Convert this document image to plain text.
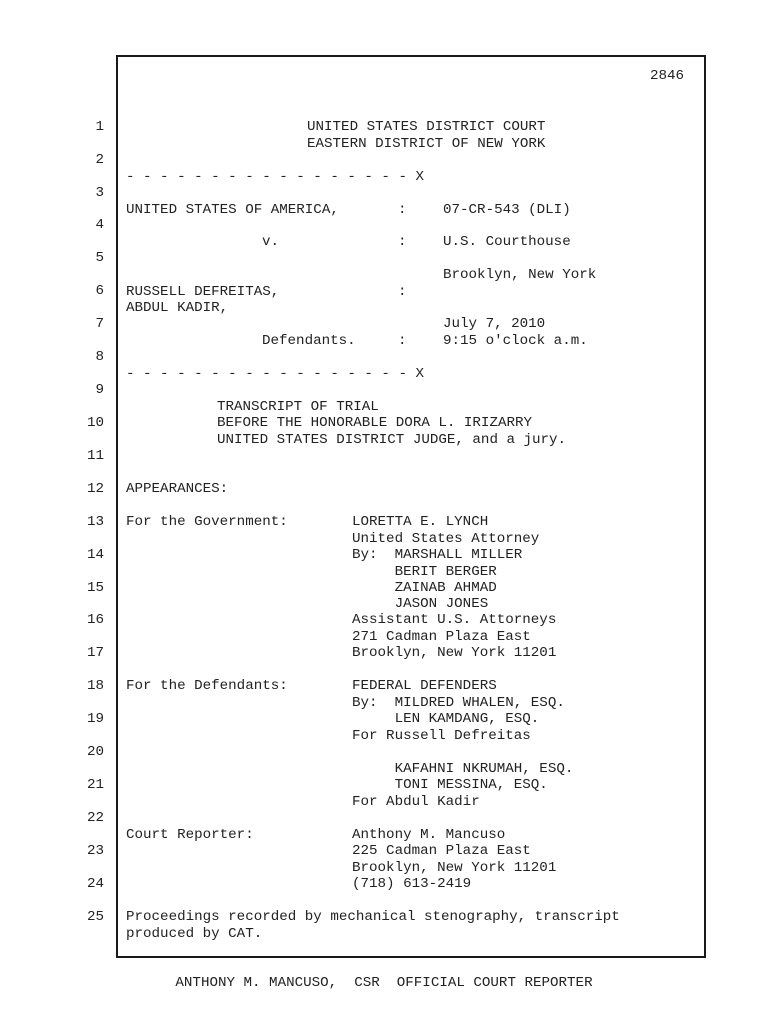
2846
1
2
3
4
5
6
7
8
9
10
11
12
13
14
15
16
17
18
19
20
21
22
23
24
25
UNITED STATES DISTRICT COURT
EASTERN DISTRICT OF NEW YORK
- - - - - - - - - - - - - - - - - X
UNITED STATES OF AMERICA,	:	07-CR-543 (DLI)
v.	:	U.S. Courthouse
Brooklyn, New York
RUSSELL DEFREITAS,	:
ABDUL KADIR,
July 7, 2010
Defendants.	:	9:15 o'clock a.m.
- - - - - - - - - - - - - - - - - X
TRANSCRIPT OF TRIAL
BEFORE THE HONORABLE DORA L. IRIZARRY
UNITED STATES DISTRICT JUDGE, and a jury.
APPEARANCES:
For the Government:	LORETTA E. LYNCH
United States Attorney
By:  MARSHALL MILLER
BERIT BERGER
ZAINAB AHMAD
JASON JONES
Assistant U.S. Attorneys
271 Cadman Plaza East
Brooklyn, New York 11201
For the Defendants:	FEDERAL DEFENDERS
By:  MILDRED WHALEN, ESQ.
LEN KAMDANG, ESQ.
For Russell Defreitas
KAFAHNI NKRUMAH, ESQ.
TONI MESSINA, ESQ.
For Abdul Kadir
Court Reporter:	Anthony M. Mancuso
225 Cadman Plaza East
Brooklyn, New York 11201
(718) 613-2419
Proceedings recorded by mechanical stenography, transcript
produced by CAT.
ANTHONY M. MANCUSO,  CSR  OFFICIAL COURT REPORTER
